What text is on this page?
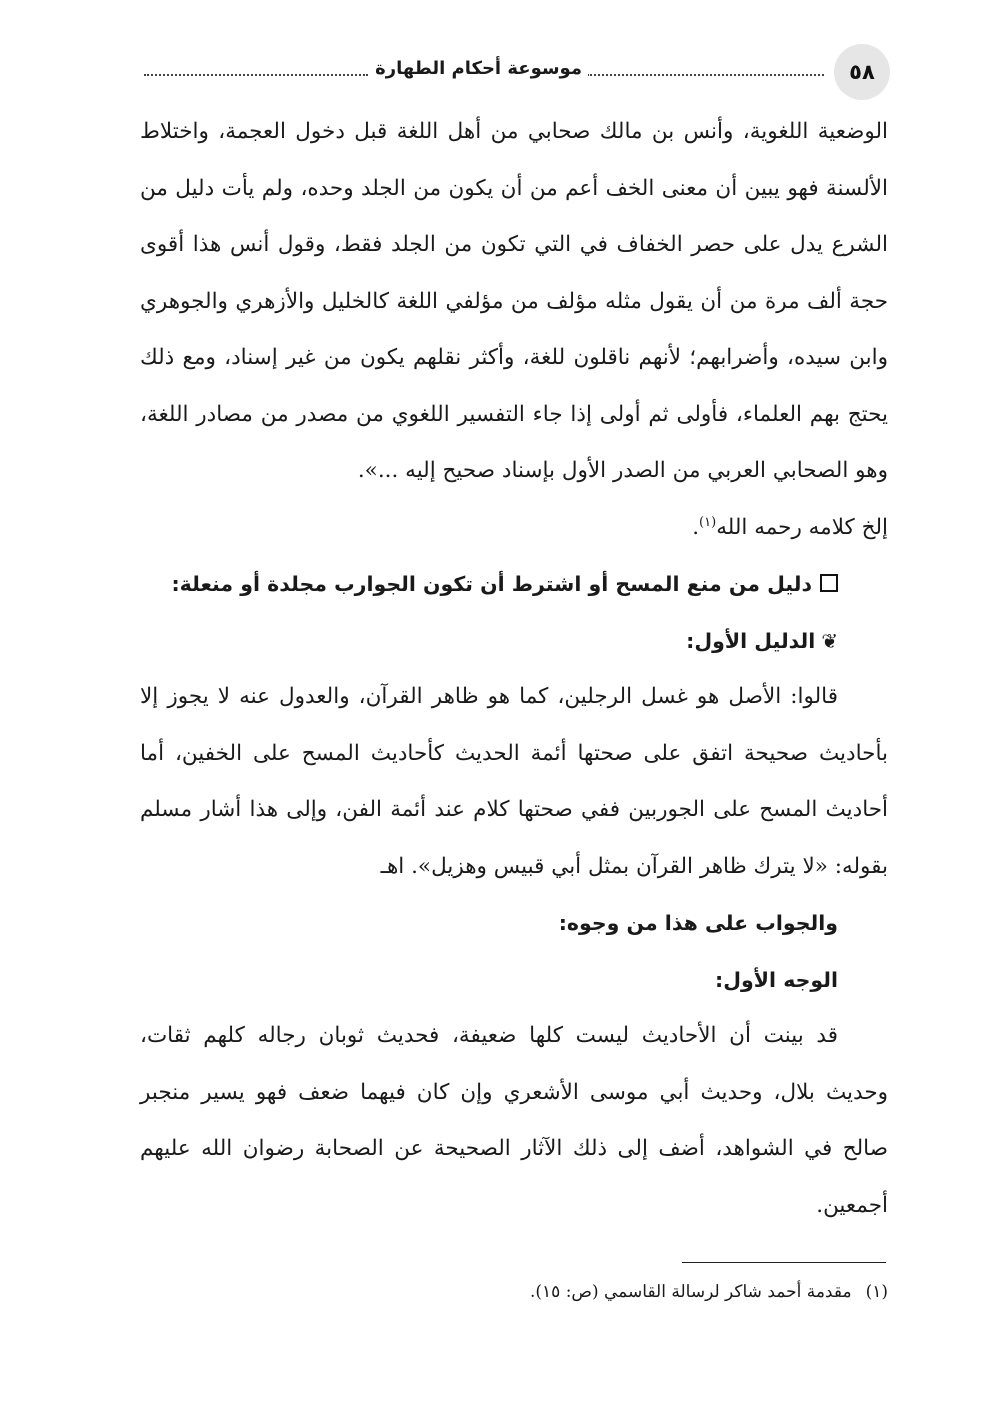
موسوعة أحكام الطهارة	٥٨

الوضعية اللغوية، وأنس بن مالك صحابي من أهل اللغة قبل دخول العجمة، واختلاط الألسنة فهو يبين أن معنى الخف أعم من أن يكون من الجلد وحده، ولم يأت دليل من الشرع يدل على حصر الخفاف في التي تكون من الجلد فقط، وقول أنس هذا أقوى حجة ألف مرة من أن يقول مثله مؤلف من مؤلفي اللغة كالخليل والأزهري والجوهري وابن سيده، وأضرابهم؛ لأنهم ناقلون للغة، وأكثر نقلهم يكون من غير إسناد، ومع ذلك يحتج بهم العلماء، فأولى ثم أولى إذا جاء التفسير اللغوي من مصدر من مصادر اللغة، وهو الصحابي العربي من الصدر الأول بإسناد صحيح إليه ...».

إلخ كلامه رحمه الله$^{(١)}$.

دليل من منع المسح أو اشترط أن تكون الجوارب مجلدة أو منعلة:

❦الدليل الأول:

قالوا: الأصل هو غسل الرجلين، كما هو ظاهر القرآن، والعدول عنه لا يجوز إلا بأحاديث صحيحة اتفق على صحتها أئمة الحديث كأحاديث المسح على الخفين، أما أحاديث المسح على الجوربين ففي صحتها كلام عند أئمة الفن، وإلى هذا أشار مسلم بقوله: «لا يترك ظاهر القرآن بمثل أبي قبيس وهزيل». اهـ

والجواب على هذا من وجوه:

الوجه الأول:

قد بينت أن الأحاديث ليست كلها ضعيفة، فحديث ثوبان رجاله كلهم ثقات، وحديث بلال، وحديث أبي موسى الأشعري وإن كان فيهما ضعف فهو يسير منجبر صالح في الشواهد، أضف إلى ذلك الآثار الصحيحة عن الصحابة رضوان الله عليهم أجمعين.

(١)مقدمة أحمد شاكر لرسالة القاسمي (ص: ١٥).
